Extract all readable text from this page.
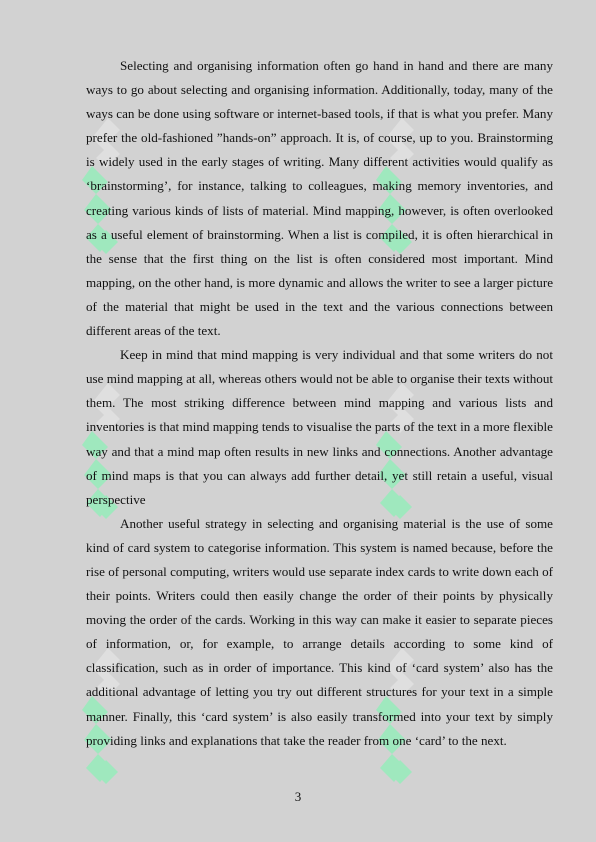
Selecting and organising information often go hand in hand and there are many ways to go about selecting and organising information. Additionally, today, many of the ways can be done using software or internet-based tools, if that is what you prefer. Many prefer the old-fashioned ”hands-on” approach. It is, of course, up to you. Brainstorming is widely used in the early stages of writing. Many different activities would qualify as ‘brainstorming’, for instance, talking to colleagues, making memory inventories, and creating various kinds of lists of material. Mind mapping, however, is often overlooked as a useful element of brainstorming. When a list is compiled, it is often hierarchical in the sense that the first thing on the list is often considered most important. Mind mapping, on the other hand, is more dynamic and allows the writer to see a larger picture of the material that might be used in the text and the various connections between different areas of the text.

Keep in mind that mind mapping is very individual and that some writers do not use mind mapping at all, whereas others would not be able to organise their texts without them. The most striking difference between mind mapping and various lists and inventories is that mind mapping tends to visualise the parts of the text in a more flexible way and that a mind map often results in new links and connections. Another advantage of mind maps is that you can always add further detail, yet still retain a useful, visual perspective

Another useful strategy in selecting and organising material is the use of some kind of card system to categorise information. This system is named because, before the rise of personal computing, writers would use separate index cards to write down each of their points. Writers could then easily change the order of their points by physically moving the order of the cards. Working in this way can make it easier to separate pieces of information, or, for example, to arrange details according to some kind of classification, such as in order of importance. This kind of ‘card system’ also has the additional advantage of letting you try out different structures for your text in a simple manner. Finally, this ‘card system’ is also easily transformed into your text by simply providing links and explanations that take the reader from one ‘card’ to the next.

3
